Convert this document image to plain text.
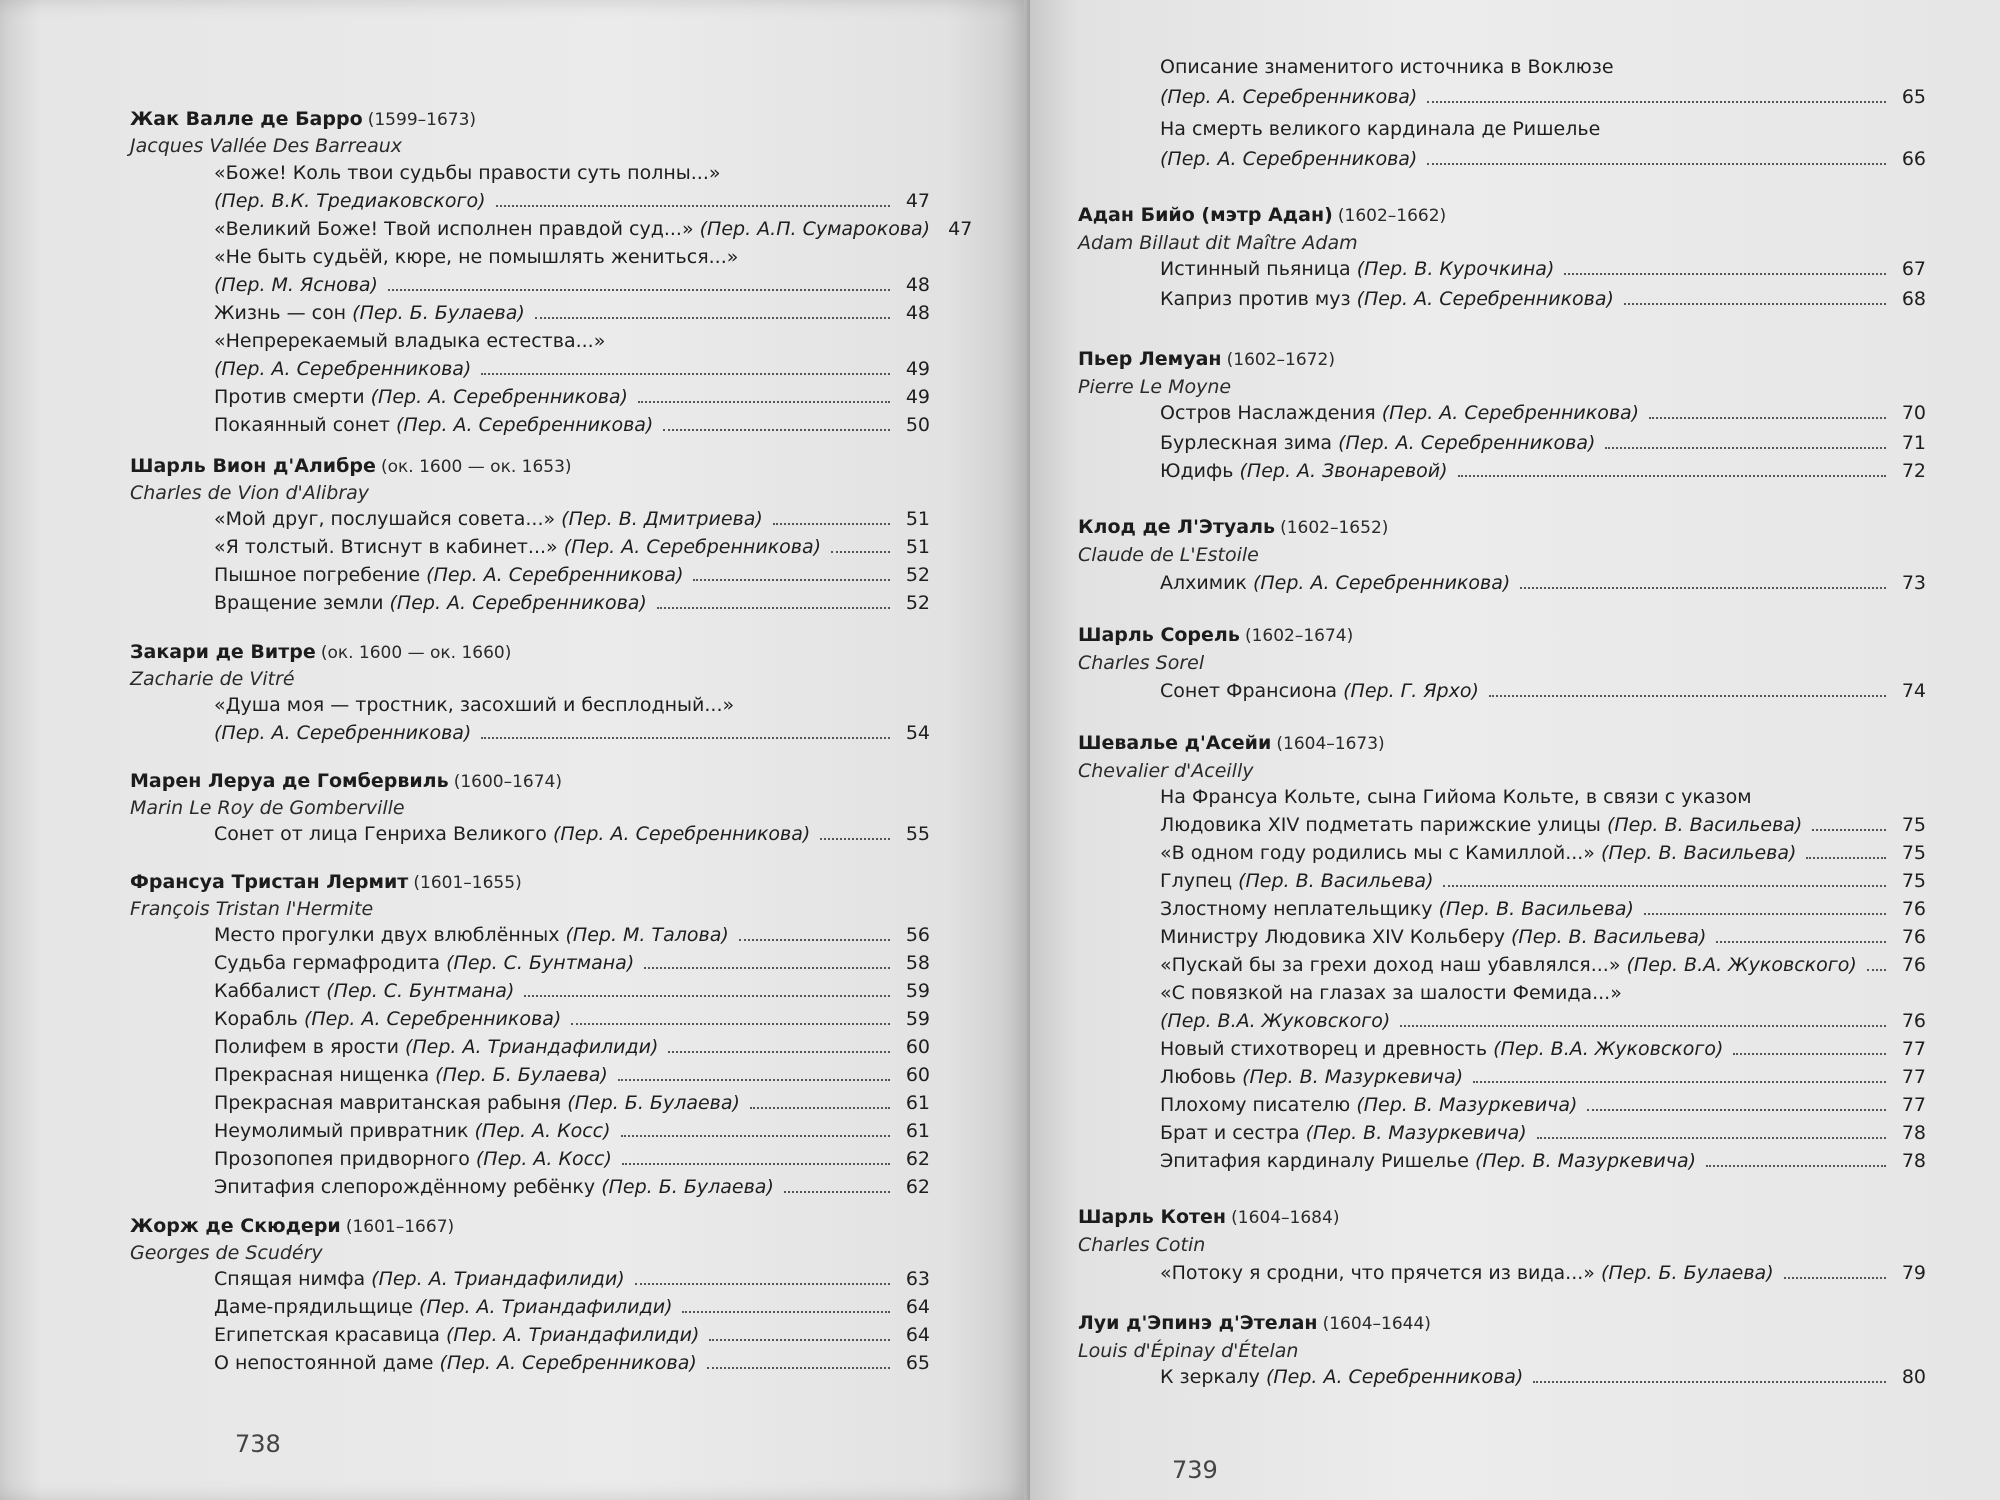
Жак Валле де Барро (1599–1673)
Jacques Vallée Des Barreaux
«Боже! Коль твои судьбы правости суть полны...»
(Пер. В.К. Тредиаковского)	47
«Великий Боже! Твой исполнен правдой суд...» (Пер. А.П. Сумарокова) 47
«Не быть судьёй, кюре, не помышлять жениться...»
(Пер. М. Яснова)	48
Жизнь — сон (Пер. Б. Булаева)	48
«Непререкаемый владыка естества...»
(Пер. А. Серебренникова)	49
Против смерти (Пер. А. Серебренникова)	49
Покаянный сонет (Пер. А. Серебренникова)	50
Шарль Вион д'Алибре (ок. 1600 — ок. 1653)
Charles de Vion d'Alibray
«Мой друг, послушайся совета...» (Пер. В. Дмитриева)	51
«Я толстый. Втиснут в кабинет...» (Пер. А. Серебренникова)	51
Пышное погребение (Пер. А. Серебренникова)	52
Вращение земли (Пер. А. Серебренникова)	52
Закари де Витре (ок. 1600 — ок. 1660)
Zacharie de Vitré
«Душа моя — тростник, засохший и бесплодный...»
(Пер. А. Серебренникова)	54
Марен Леруа де Гомбервиль (1600–1674)
Marin Le Roy de Gomberville
Сонет от лица Генриха Великого (Пер. А. Серебренникова)	55
Франсуа Тристан Лермит (1601–1655)
François Tristan l'Hermite
Место прогулки двух влюблённых (Пер. М. Талова)	56
Судьба гермафродита (Пер. С. Бунтмана)	58
Каббалист (Пер. С. Бунтмана)	59
Корабль (Пер. А. Серебренникова)	59
Полифем в ярости (Пер. А. Триандафилиди)	60
Прекрасная нищенка (Пер. Б. Булаева)	60
Прекрасная мавританская рабыня (Пер. Б. Булаева)	61
Неумолимый привратник (Пер. А. Косс)	61
Прозопопея придворного (Пер. А. Косс)	62
Эпитафия слепорождённому ребёнку (Пер. Б. Булаева)	62
Жорж де Скюдери (1601–1667)
Georges de Scudéry
Спящая нимфа (Пер. А. Триандафилиди)	63
Даме-прядильщице (Пер. А. Триандафилиди)	64
Египетская красавица (Пер. А. Триандафилиди)	64
О непостоянной даме (Пер. А. Серебренникова)	65
738
739
Описание знаменитого источника в Воклюзе
(Пер. А. Серебренникова)	65
На смерть великого кардинала де Ришелье
(Пер. А. Серебренникова)	66
Адан Бийо (мэтр Адан) (1602–1662)
Adam Billaut dit Maître Adam
Истинный пьяница (Пер. В. Курочкина)	67
Каприз против муз (Пер. А. Серебренникова)	68
Пьер Лемуан (1602–1672)
Pierre Le Moyne
Остров Наслаждения (Пер. А. Серебренникова)	70
Бурлескная зима (Пер. А. Серебренникова)	71
Юдифь (Пер. А. Звонаревой)	72
Клод де Л'Этуаль (1602–1652)
Claude de L'Estoile
Алхимик (Пер. А. Серебренникова)	73
Шарль Сорель (1602–1674)
Charles Sorel
Сонет Франсиона (Пер. Г. Ярхо)	74
Шевалье д'Асейи (1604–1673)
Chevalier d'Aceilly
На Франсуа Кольте, сына Гийома Кольте, в связи с указом
Людовика XIV подметать парижские улицы (Пер. В. Васильева)	75
«В одном году родились мы с Камиллой...» (Пер. В. Васильева)	75
Глупец (Пер. В. Васильева)	75
Злостному неплательщику (Пер. В. Васильева)	76
Министру Людовика XIV Кольберу (Пер. В. Васильева)	76
«Пускай бы за грехи доход наш убавлялся...» (Пер. В.А. Жуковского)	76
«С повязкой на глазах за шалости Фемида...»
(Пер. В.А. Жуковского)	76
Новый стихотворец и древность (Пер. В.А. Жуковского)	77
Любовь (Пер. В. Мазуркевича)	77
Плохому писателю (Пер. В. Мазуркевича)	77
Брат и сестра (Пер. В. Мазуркевича)	78
Эпитафия кардиналу Ришелье (Пер. В. Мазуркевича)	78
Шарль Котен (1604–1684)
Charles Cotin
«Потоку я сродни, что прячется из вида...» (Пер. Б. Булаева)	79
Луи д'Эпинэ д'Этелан (1604–1644)
Louis d'Épinay d'Ételan
К зеркалу (Пер. А. Серебренникова)	80
